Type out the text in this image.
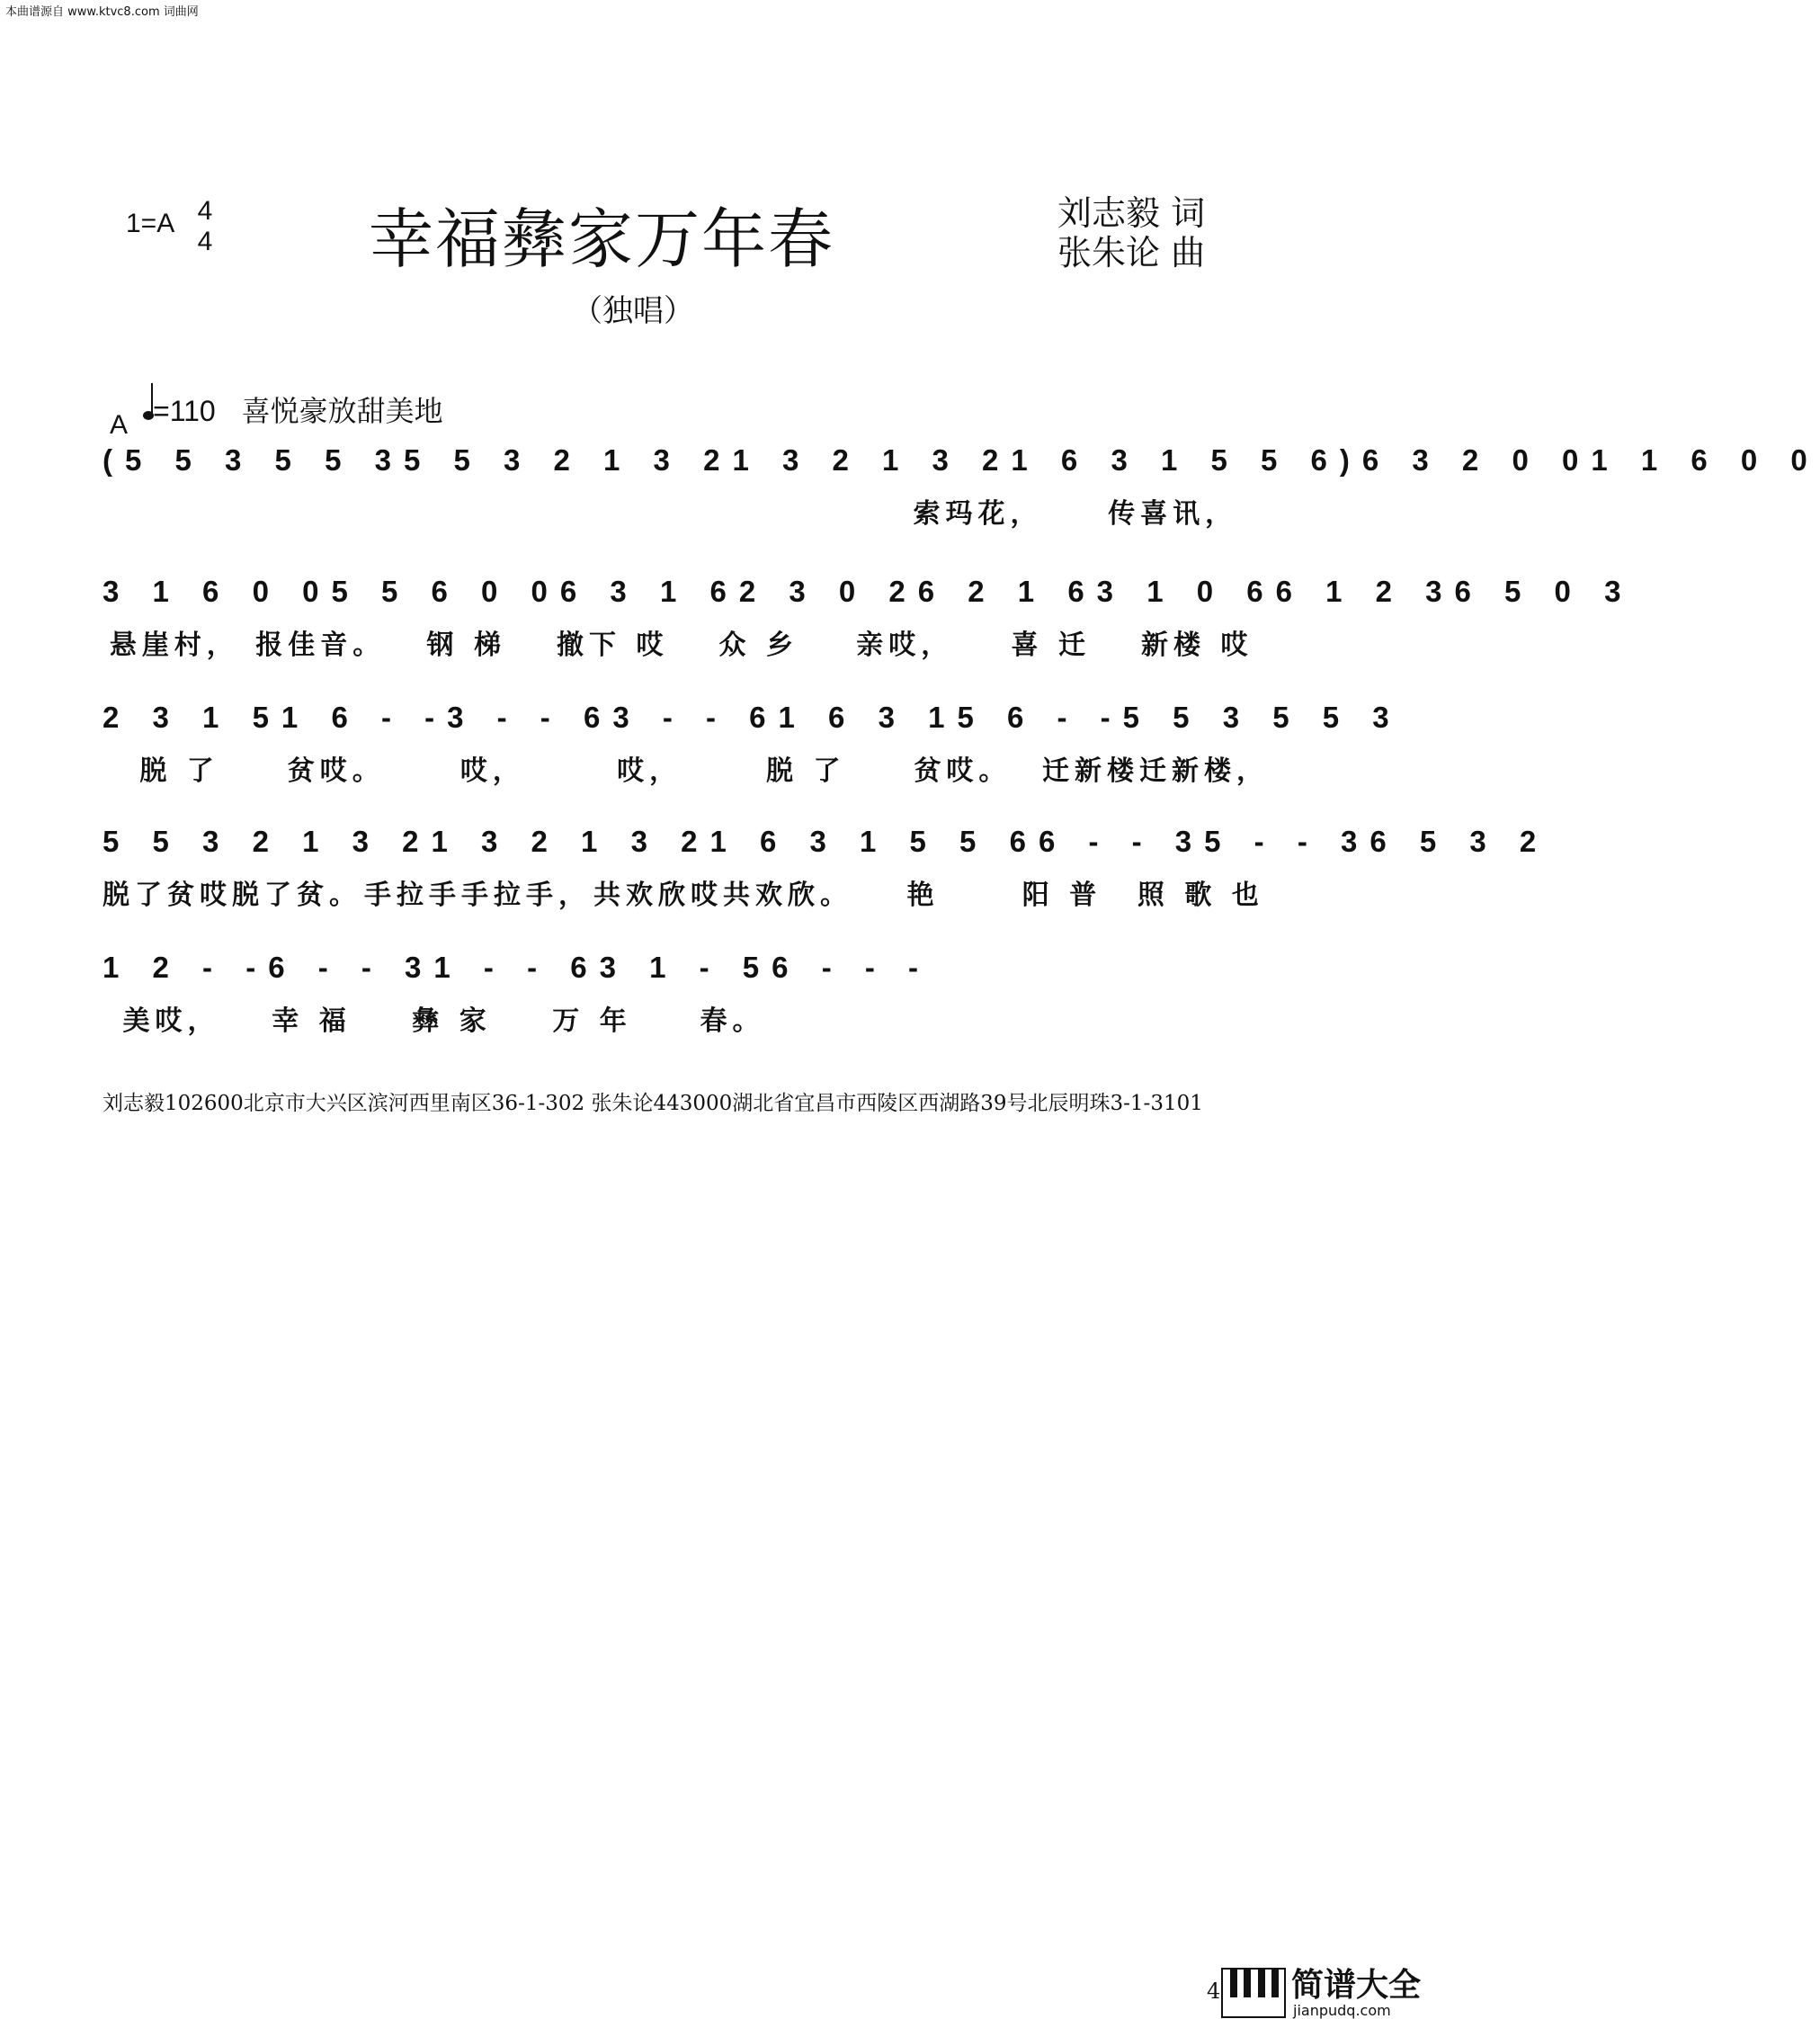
本曲谱源自 www.ktvc8.com 词曲网
1=A 4
4 幸福彝家万年春	刘志毅 词
张朱论 曲
（独唱）
A =110 喜悦豪放甜美地
(5 5 3 5 5 3 5 5 3 2 1 3 2 1 3 2 1 3 2 1 6 3 1 5 5 6) 6 3 2 0 0 1 1 6 0 0
索玛花，	传喜讯，
3 1 6 0 0 5 5 6 0 0 6 3 1 6 2 3 0 2 6 2 1 6 3 1 0 6 6 1 2 3 6 5 0 3
悬崖村， 报佳音。	钢 梯	撤下 哎	众 乡	亲哎，	喜 迁	新楼 哎
2 3 1 5 1 6 - - 3 - - 6 3 - - 6 1 6 3 1 5 6 - - 5 5 3 5 5 3
脱 了	贫哎。	哎，	哎，	脱 了	贫哎。	迁新楼迁新楼，
5 5 3 2 1 3 2 1 3 2 1 3 2 1 6 3 1 5 5 6 6 - - 3 5 - - 3 6 5 3 2
脱了贫哎脱了贫。 手拉手手拉手， 共欢欣哎共欢欣。	艳	阳 普	照 歌 也
1 2 - - 6 - - 3 1 - - 6 3 1 - 5 6 - - -
美哎，	幸 福	彝 家	万 年	春。
刘志毅102600北京市大兴区滨河西里南区36-1-302 张朱论443000湖北省宜昌市西陵区西湖路39号北辰明珠3-1-3101
4 简谱大全
jianpudq.com
